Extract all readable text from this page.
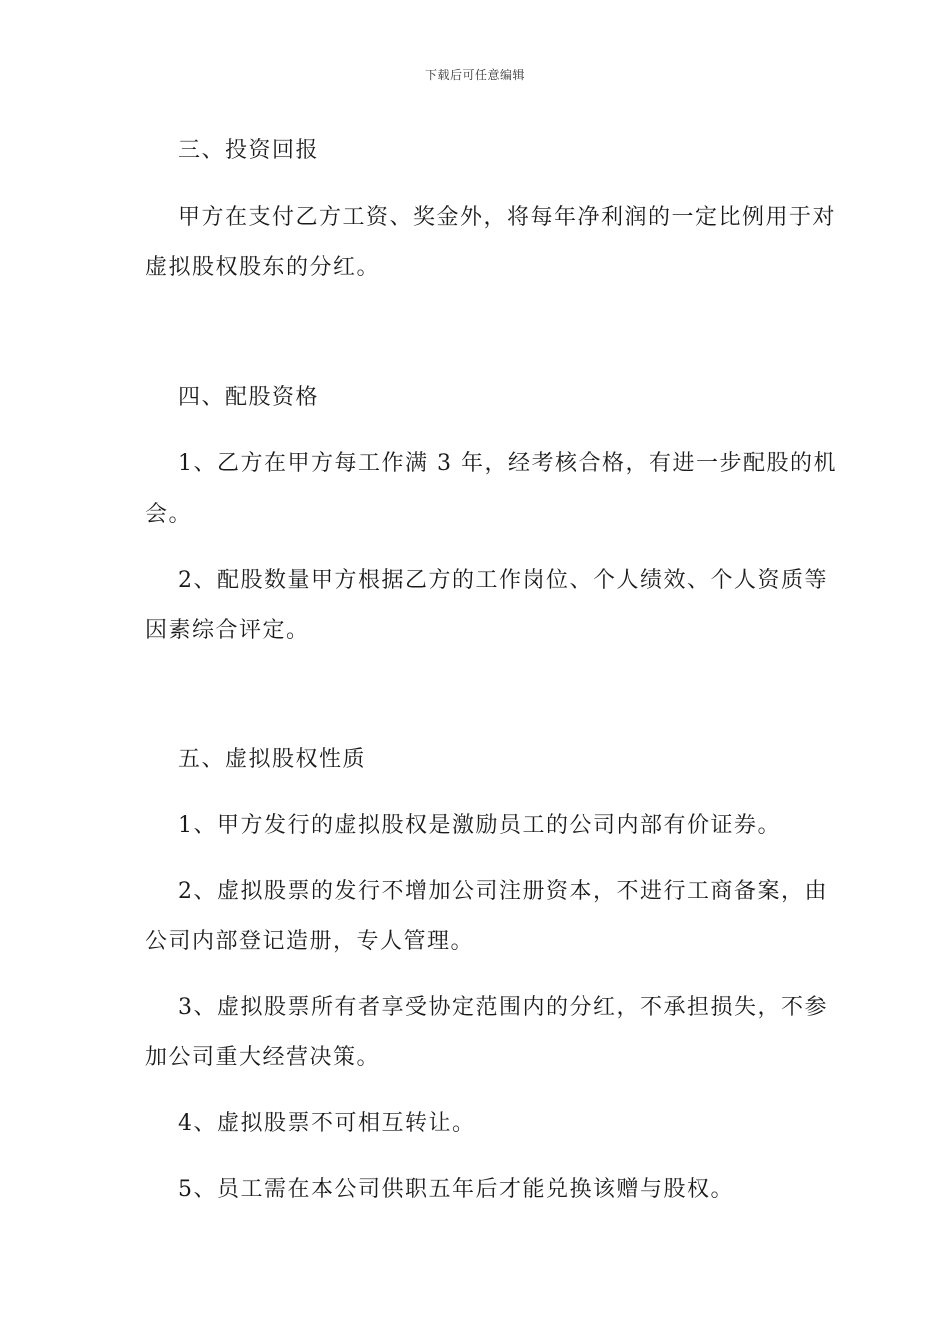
下载后可任意编辑
三、投资回报
甲方在支付乙方工资、奖金外，将每年净利润的一定比例用于对
虚拟股权股东的分红。
四、配股资格
1、乙方在甲方每工作满 3 年，经考核合格，有进一步配股的机
会。
2、配股数量甲方根据乙方的工作岗位、个人绩效、个人资质等
因素综合评定。
五、虚拟股权性质
1、甲方发行的虚拟股权是激励员工的公司内部有价证券。
2、虚拟股票的发行不增加公司注册资本，不进行工商备案，由
公司内部登记造册，专人管理。
3、虚拟股票所有者享受协定范围内的分红，不承担损失，不参
加公司重大经营决策。
4、虚拟股票不可相互转让。
5、员工需在本公司供职五年后才能兑换该赠与股权。
